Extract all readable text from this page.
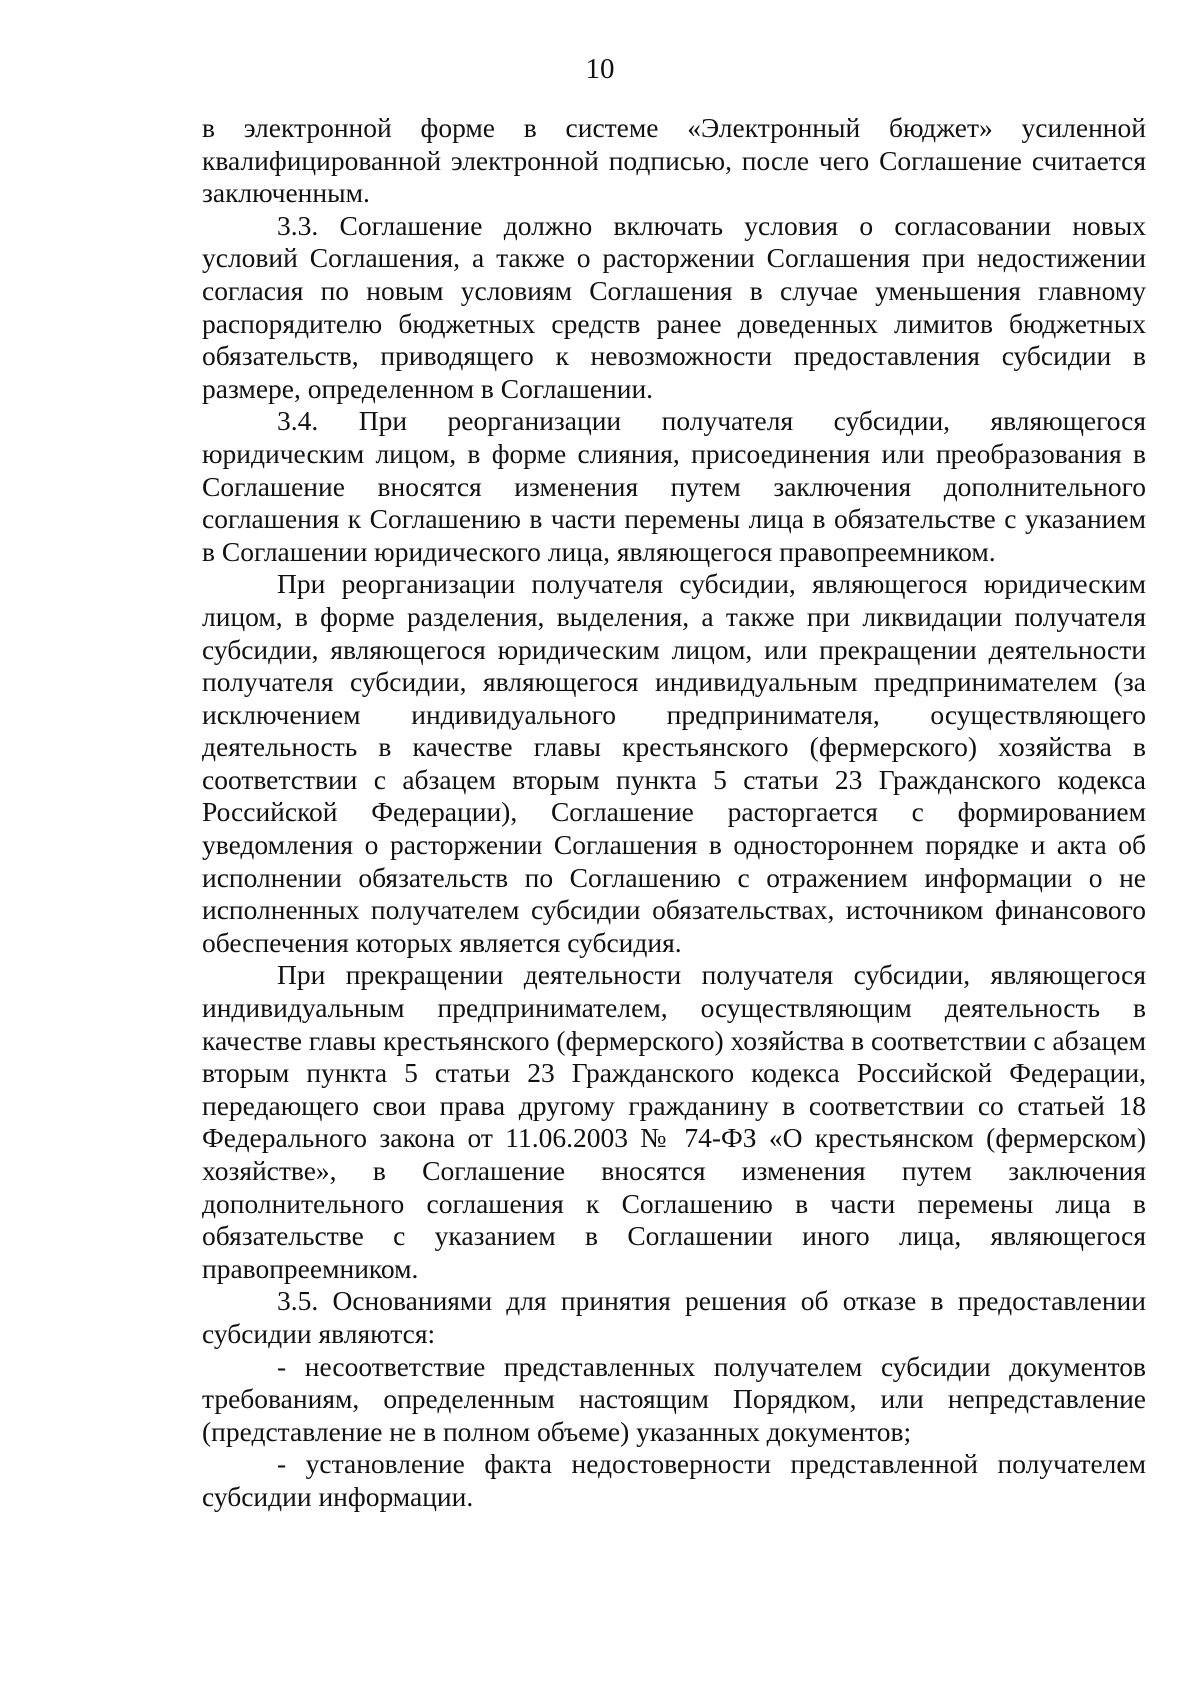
10

в электронной форме в системе «Электронный бюджет» усиленной квалифицированной электронной подписью, после чего Соглашение считается заключенным.

3.3. Соглашение должно включать условия о согласовании новых условий Соглашения, а также о расторжении Соглашения при недостижении согласия по новым условиям Соглашения в случае уменьшения главному распорядителю бюджетных средств ранее доведенных лимитов бюджетных обязательств, приводящего к невозможности предоставления субсидии в размере, определенном в Соглашении.

3.4. При реорганизации получателя субсидии, являющегося юридическим лицом, в форме слияния, присоединения или преобразования в Соглашение вносятся изменения путем заключения дополнительного соглашения к Соглашению в части перемены лица в обязательстве с указанием в Соглашении юридического лица, являющегося правопреемником.

При реорганизации получателя субсидии, являющегося юридическим лицом, в форме разделения, выделения, а также при ликвидации получателя субсидии, являющегося юридическим лицом, или прекращении деятельности получателя субсидии, являющегося индивидуальным предпринимателем (за исключением индивидуального предпринимателя, осуществляющего деятельность в качестве главы крестьянского (фермерского) хозяйства в соответствии с абзацем вторым пункта 5 статьи 23 Гражданского кодекса Российской Федерации), Соглашение расторгается с формированием уведомления о расторжении Соглашения в одностороннем порядке и акта об исполнении обязательств по Соглашению с отражением информации о не исполненных получателем субсидии обязательствах, источником финансового обеспечения которых является субсидия.

При прекращении деятельности получателя субсидии, являющегося индивидуальным предпринимателем, осуществляющим деятельность в качестве главы крестьянского (фермерского) хозяйства в соответствии с абзацем вторым пункта 5 статьи 23 Гражданского кодекса Российской Федерации, передающего свои права другому гражданину в соответствии со статьей 18 Федерального закона от 11.06.2003 № 74-ФЗ «О крестьянском (фермерском) хозяйстве», в Соглашение вносятся изменения путем заключения дополнительного соглашения к Соглашению в части перемены лица в обязательстве с указанием в Соглашении иного лица, являющегося правопреемником.

3.5. Основаниями для принятия решения об отказе в предоставлении субсидии являются:

- несоответствие представленных получателем субсидии документов требованиям, определенным настоящим Порядком, или непредставление (представление не в полном объеме) указанных документов;

- установление факта недостоверности представленной получателем субсидии информации.
